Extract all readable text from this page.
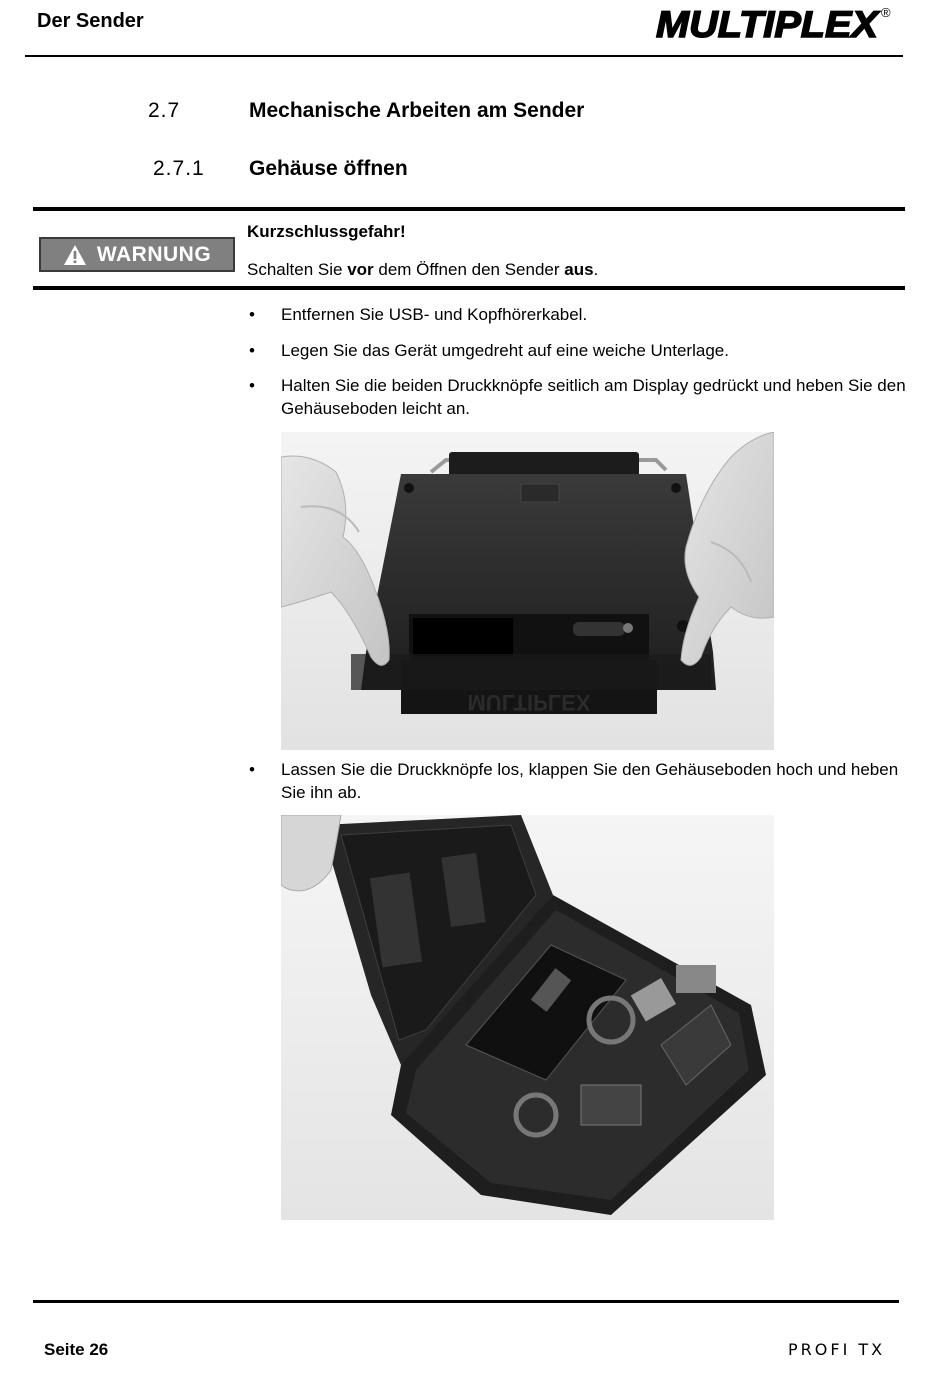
Der Sender	MULTIPLEX ®
2.7	Mechanische Arbeiten am Sender
2.7.1 Gehäuse öffnen
WARNUNG
Kurzschlussgefahr!
Schalten Sie vor dem Öffnen den Sender aus.
• Entfernen Sie USB- und Kopfhörerkabel.
• Legen Sie das Gerät umgedreht auf eine weiche Unterlage.
• Halten Sie die beiden Druckknöpfe seitlich am Display gedrückt und heben Sie den Gehäuseboden leicht an.
MULTIPLEX
• Lassen Sie die Druckknöpfe los, klappen Sie den Gehäuseboden hoch und heben Sie ihn ab.
Seite 26	PROFI TX
